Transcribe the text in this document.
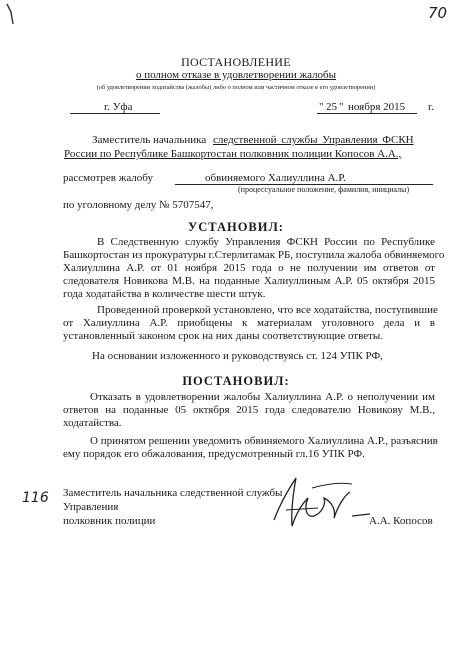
70
ПОСТАНОВЛЕНИЕ
о полном отказе в удовлетворении жалобы
(об удовлетворении ходатайства (жалобы) либо о полном или частичном отказе в его удовлетворении)
г. Уфа	" 25 " ноября 2015 г.
Заместитель начальника следственной службы Управления ФСКН
России по Республике Башкортостан полковник полиции Копосов А.А.,
рассмотрев жалобу	обвиняемого Халиуллина А.Р.
(процессуальное положение, фамилия, инициалы)
по уголовному делу № 5707547,
УСТАНОВИЛ:
В Следственную службу Управления ФСКН России по Республике
Башкортостан из прокуратуры г.Стерлитамак РБ, поступила жалоба обвиняемого
Халиуллина А.Р. от 01 ноября 2015 года о не получении им ответов от
следователя Новикова М.В. на поданные Халиуллиным А.Р. 05 октября 2015
года ходатайства в количестве шести штук.
Проведенной проверкой установлено, что все ходатайства, поступившие
от Халиуллина А.Р. приобщены к материалам уголовного дела и в
установленный законом срок на них даны соответствующие ответы.
На основании изложенного и руководствуясь ст. 124 УПК РФ,
ПОСТАНОВИЛ:
Отказать в удовлетворении жалобы Халиуллина А.Р. о неполучении им
ответов на поданные 05 октября 2015 года следователю Новикову М.В.,
ходатайства.
О принятом решении уведомить обвиняемого Халиуллина А.Р., разъяснив
ему порядок его обжалования, предусмотренный гл.16 УПК РФ.
116 Заместитель начальника следственной службы
Управления
полковник полиции	А.А. Копосов
